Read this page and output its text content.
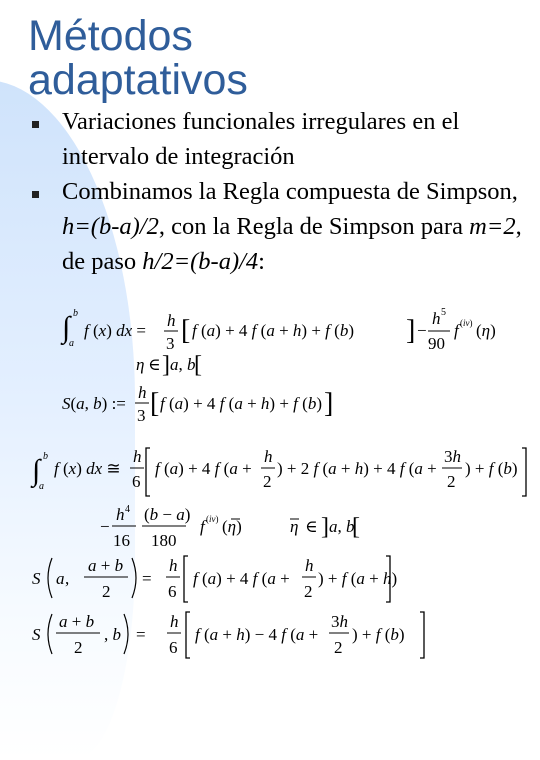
Métodos
adaptativos
Variaciones funcionales irregulares en el intervalo de integración
Combinamos la Regla compuesta de Simpson, h=(b-a)/2, con la Regla de Simpson para m=2, de paso h/2=(b-a)/4:
∫ b
a
f (x) dx =
h
3 [ f (a) + 4 f (a + h) + f (b) ] −
h 5
90
f (iv) (η)
η ∈ ] a, b
[
S(a, b) :=
h
3 [ f (a) + 4 f (a + h) + f (b) ]
∫ b
a
f (x) dx ≅
h
6
f (a) + 4 f (a +
h
2
) + 2 f (a + h) + 4 f (a +
3h
2
) + f (b)
−
h 4
16
(b − a)
180
f (iv) (η)	η ∈ ] a, b
[
S a ,
a + b
2
=
h
6
f (a) + 4 f (a +
h
2
) + f (a + h)
S
a + b
2
, b =
h
6
f (a + h) − 4 f (a +
3h
2
) + f (b)
